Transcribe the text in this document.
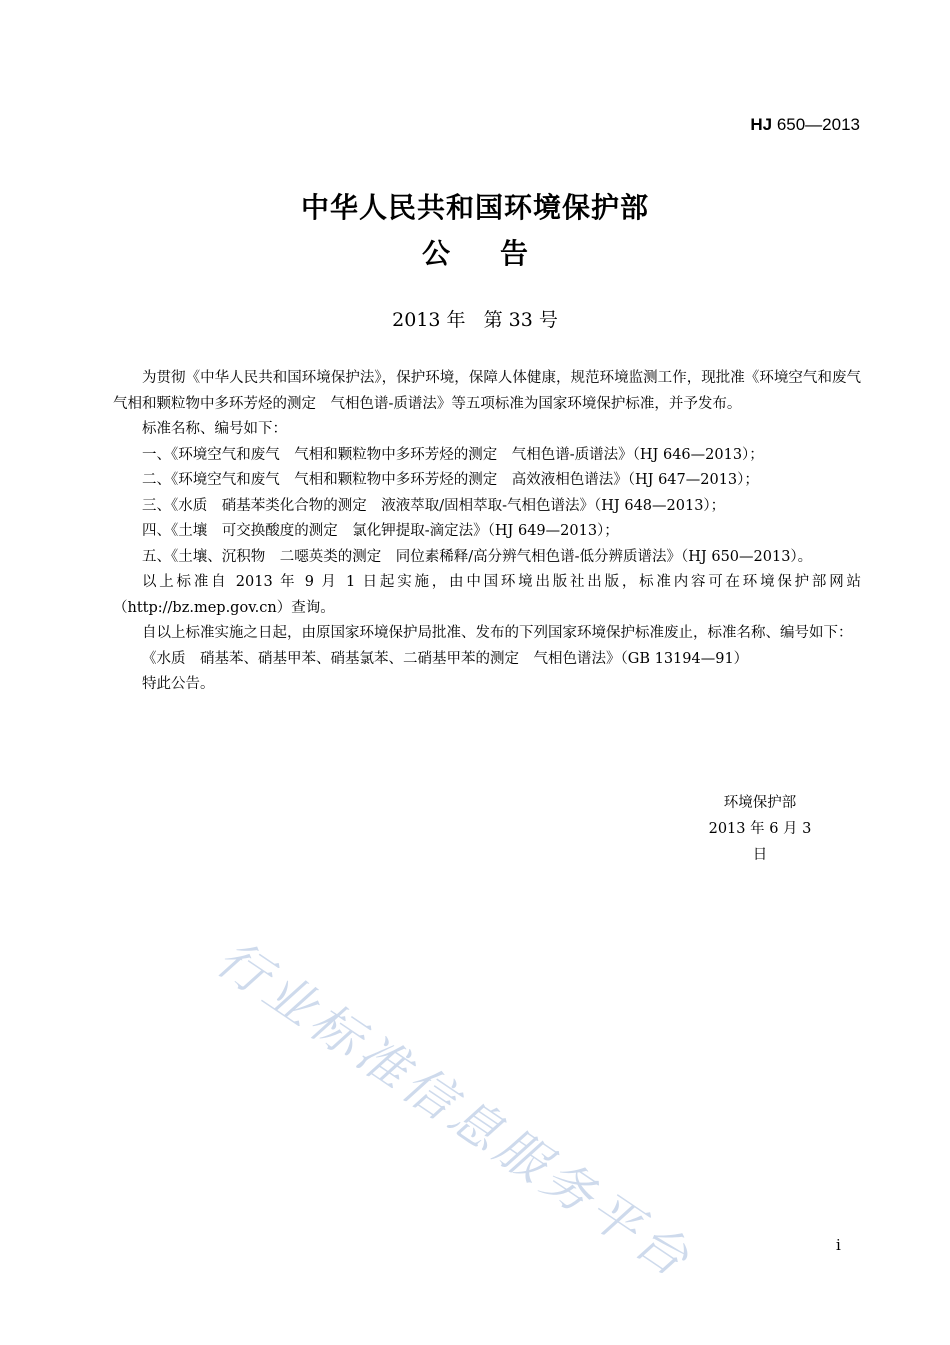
HJ 650—2013
中华人民共和国环境保护部
公 告
2013 年 第 33 号

为贯彻《中华人民共和国环境保护法》，保护环境，保障人体健康，规范环境监测工作，现批准《环境空气和废气　气相和颗粒物中多环芳烃的测定　气相色谱-质谱法》等五项标准为国家环境保护标准，并予发布。

标准名称、编号如下：

一、《环境空气和废气　气相和颗粒物中多环芳烃的测定　气相色谱-质谱法》（HJ 646—2013）；

二、《环境空气和废气　气相和颗粒物中多环芳烃的测定　高效液相色谱法》（HJ 647—2013）；

三、《水质　硝基苯类化合物的测定　液液萃取/固相萃取-气相色谱法》（HJ 648—2013）；

四、《土壤　可交换酸度的测定　氯化钾提取-滴定法》（HJ 649—2013）；

五、《土壤、沉积物　二噁英类的测定　同位素稀释/高分辨气相色谱-低分辨质谱法》（HJ 650—2013）。

以上标准自 2013 年 9 月 1 日起实施，由中国环境出版社出版，标准内容可在环境保护部网站（http://bz.mep.gov.cn）查询。

自以上标准实施之日起，由原国家环境保护局批准、发布的下列国家环境保护标准废止，标准名称、编号如下：

《水质　硝基苯、硝基甲苯、硝基氯苯、二硝基甲苯的测定　气相色谱法》（GB 13194—91）

特此公告。

环境保护部
2013 年 6 月 3 日
行业标准信息服务平台	i
